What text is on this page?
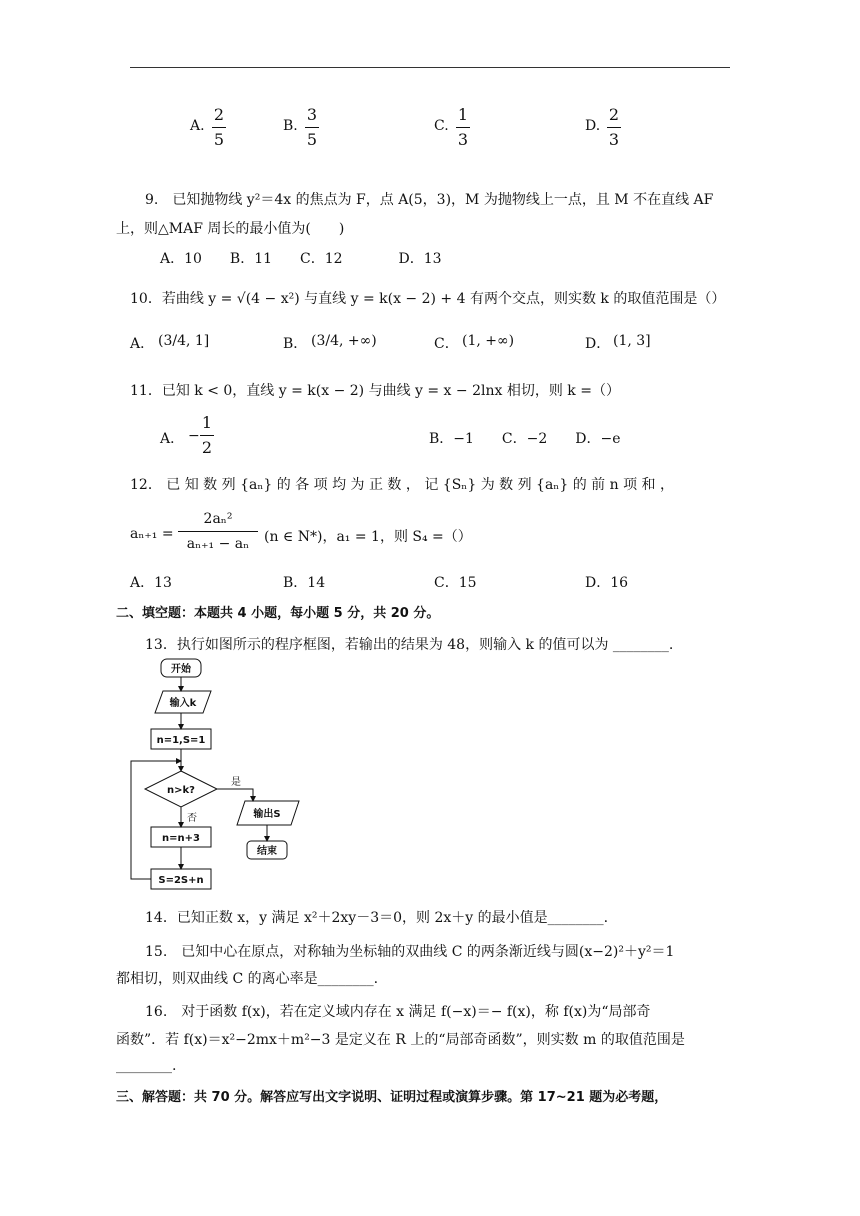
A.
2
5
B.
3
5
C.
1
3
D.
2
3
9.　已知抛物线 y²＝4x 的焦点为 F，点 A(5，3)，M 为抛物线上一点，且 M 不在直线 AF
上，则△MAF 周长的最小值为(　　)
A．10　　B．11　　C．12　　　　D．13
10．若曲线 y = √(4 − x²) 与直线 y = k(x − 2) + 4 有两个交点，则实数 k 的取值范围是（）
A． (3/4, 1]	B． (3/4, +∞)	C． (1, +∞)	D． (1, 3]
11．已知 k < 0，直线 y = k(x − 2) 与曲线 y = x − 2lnx 相切，则 k =（）
A． −
1
2	B．−1　　C．−2　　D．−e
12． 已 知 数 列 {aₙ} 的 各 项 均 为 正 数 ， 记 {Sₙ} 为 数 列 {aₙ} 的 前 n 项 和 ，
aₙ₊₁ =
2aₙ²
aₙ₊₁ − aₙ (n ∈ N*)，a₁ = 1，则 S₄ =（）
A．13	B．14	C．15	D．16
二、填空题：本题共 4 小题，每小题 5 分，共 20 分。
13．执行如图所示的程序框图，若输出的结果为 48，则输入 k 的值可以为 ________.
开始
输入k
n=1,S=1
n>k?
是
否	输出S
结束
n=n+3
S=2S+n
14．已知正数 x，y 满足 x²＋2xy－3＝0，则 2x＋y 的最小值是________.
15.　已知中心在原点，对称轴为坐标轴的双曲线 C 的两条渐近线与圆(x−2)²＋y²＝1
都相切，则双曲线 C 的离心率是________.
16.　对于函数 f(x)，若在定义域内存在 x 满足 f(−x)＝− f(x)，称 f(x)为“局部奇
函数”．若 f(x)＝x²−2mx＋m²−3 是定义在 R 上的“局部奇函数”，则实数 m 的取值范围是
________.
三、解答题：共 70 分。解答应写出文字说明、证明过程或演算步骤。第 17~21 题为必考题，
